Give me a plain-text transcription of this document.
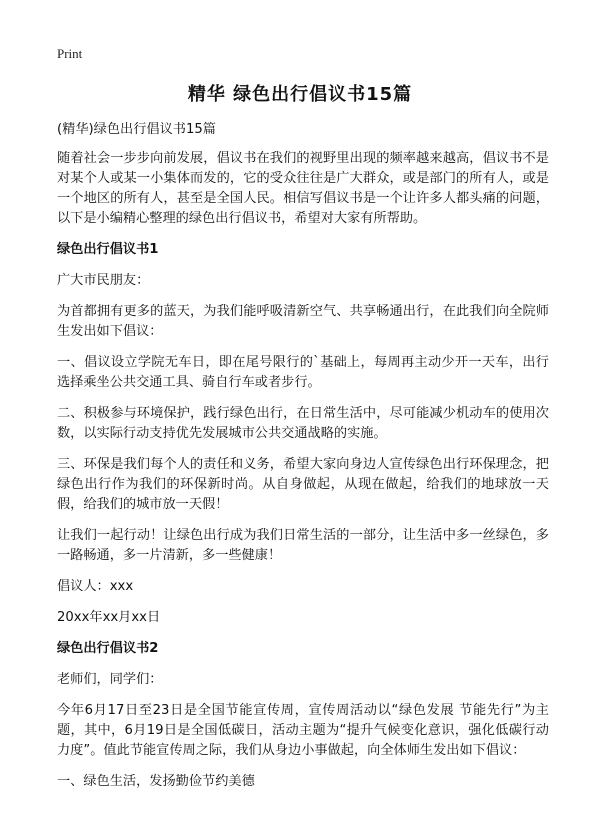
Print
精华 绿色出行倡议书15篇

(精华)绿色出行倡议书15篇

随着社会一步步向前发展，倡议书在我们的视野里出现的频率越来越高，倡议书不是对某个人或某一小集体而发的，它的受众往往是广大群众，或是部门的所有人，或是一个地区的所有人，甚至是全国人民。相信写倡议书是一个让许多人都头痛的问题，以下是小编精心整理的绿色出行倡议书，希望对大家有所帮助。

绿色出行倡议书1

广大市民朋友：

为首都拥有更多的蓝天，为我们能呼吸清新空气、共享畅通出行，在此我们向全院师生发出如下倡议：

一、倡议设立学院无车日，即在尾号限行的`基础上，每周再主动少开一天车，出行选择乘坐公共交通工具、骑自行车或者步行。

二、积极参与环境保护，践行绿色出行，在日常生活中，尽可能减少机动车的使用次数，以实际行动支持优先发展城市公共交通战略的实施。

三、环保是我们每个人的责任和义务，希望大家向身边人宣传绿色出行环保理念，把绿色出行作为我们的环保新时尚。从自身做起，从现在做起，给我们的地球放一天假，给我们的城市放一天假！

让我们一起行动！让绿色出行成为我们日常生活的一部分，让生活中多一丝绿色，多一路畅通，多一片清新，多一些健康！

倡议人：xxx

20xx年xx月xx日

绿色出行倡议书2

老师们，同学们：

今年6月17日至23日是全国节能宣传周，宣传周活动以“绿色发展 节能先行”为主题，其中，6月19日是全国低碳日，活动主题为“提升气候变化意识，强化低碳行动力度”。值此节能宣传周之际，我们从身边小事做起，向全体师生发出如下倡议：

一、绿色生活，发扬勤俭节约美德
